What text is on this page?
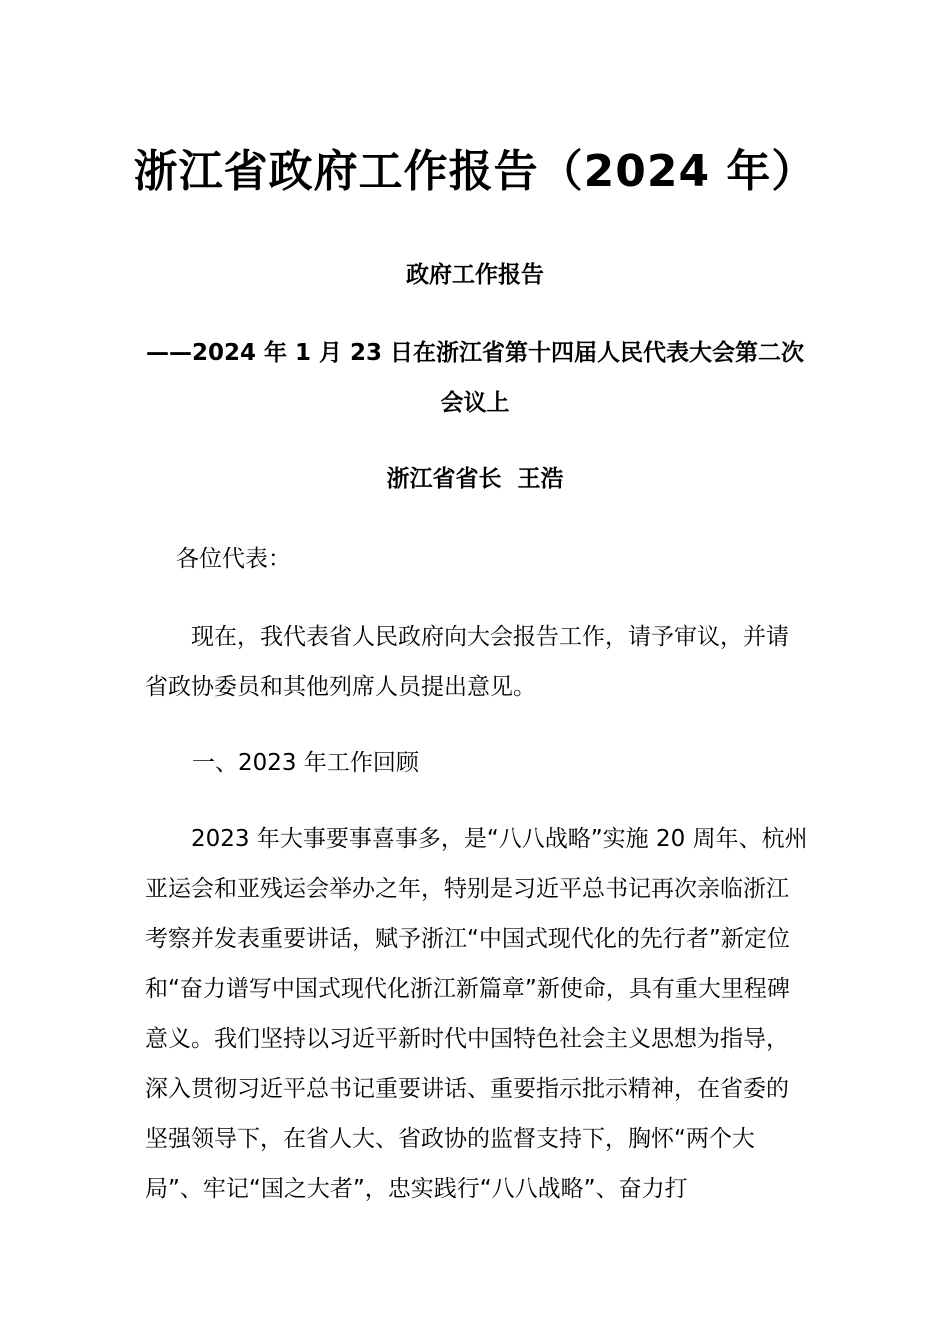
浙江省政府工作报告（2024 年）
政府工作报告
——2024 年 1 月 23 日在浙江省第十四届人民代表大会第二次
会议上
浙江省省长  王浩
各位代表：
现在，我代表省人民政府向大会报告工作，请予审议，并请省政协委员和其他列席人员提出意见。
一、2023 年工作回顾
2023 年大事要事喜事多，是“八八战略”实施 20 周年、杭州亚运会和亚残运会举办之年，特别是习近平总书记再次亲临浙江考察并发表重要讲话，赋予浙江“中国式现代化的先行者”新定位和“奋力谱写中国式现代化浙江新篇章”新使命，具有重大里程碑意义。我们坚持以习近平新时代中国特色社会主义思想为指导，深入贯彻习近平总书记重要讲话、重要指示批示精神，在省委的坚强领导下，在省人大、省政协的监督支持下，胸怀“两个大局”、牢记“国之大者”，忠实践行“八八战略”、奋力打
